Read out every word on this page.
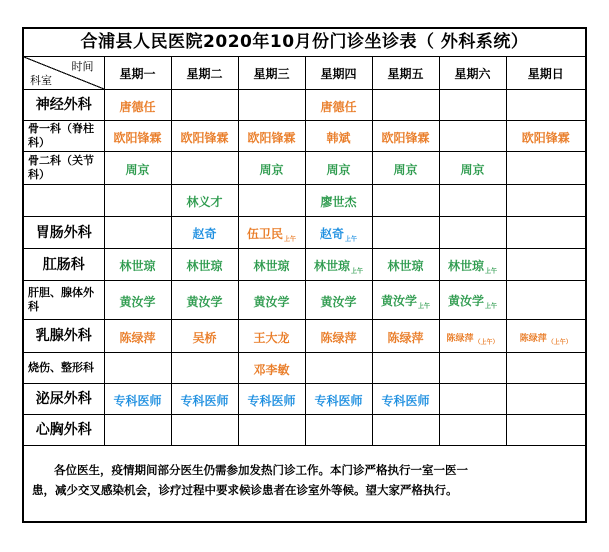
合浦县人民医院2020年10月份门诊坐诊表（ 外科系统）
时间
科室	星期一	星期二	星期三	星期四	星期五	星期六	星期日
神经外科	唐德任			唐德任			
骨一科（脊柱科）	欧阳锋霖	欧阳锋霖	欧阳锋霖	韩斌	欧阳锋霖		欧阳锋霖
骨二科（关节科）	周京		周京	周京	周京	周京	
		林义才		廖世杰			
胃肠外科		赵奇	伍卫民上午	赵奇上午			
肛肠科	林世琼	林世琼	林世琼	林世琼上午	林世琼	林世琼上午	
肝胆、腺体外科	黄汝学	黄汝学	黄汝学	黄汝学	黄汝学上午	黄汝学上午	
乳腺外科	陈绿萍	吴桥	王大龙	陈绿萍	陈绿萍	陈绿萍（上午）	陈绿萍（上午）
烧伤、整形科			邓李敏				
泌尿外科	专科医师	专科医师	专科医师	专科医师	专科医师		
心胸外科							
各位医生，疫情期间部分医生仍需参加发热门诊工作。本门诊严格执行一室一医一
患，减少交叉感染机会，诊疗过程中要求候诊患者在诊室外等候。望大家严格执行。
